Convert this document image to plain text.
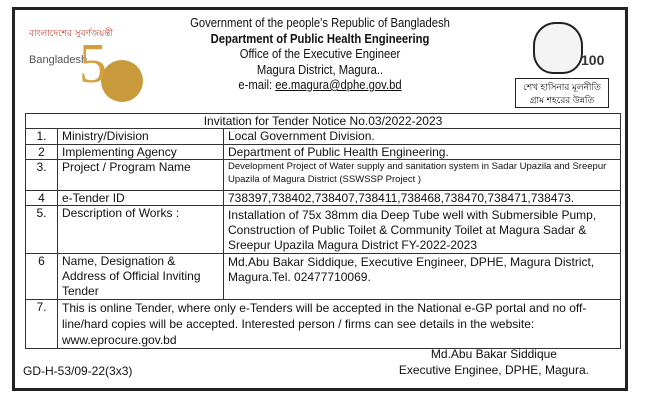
বাংলাদেশের সুবর্ণজয়ন্তী
Bangladesh
5
Government of the people's Republic of Bangladesh
Department of Public Health Engineering
Office of the Executive Engineer
Magura District, Magura..
e-mail: ee.magura@dphe.gov.bd
100
শেখ হাসিনার মূলনীতি
গ্রাম শহরের উন্নতি
Invitation for Tender Notice No.03/2022-2023		
1.	Ministry/Division	Local Government Division.
2	Implementing Agency	Department of Public Health Engineering.
3.	Project / Program Name	Development Project of Water supply and sanitation system in Sadar Upazila and Sreepur Upazila of Magura District (SSWSSP Project )
4	e-Tender ID	738397,738402,738407,738411,738468,738470,738471,738473.
5.	Description of Works :	Installation of 75x 38mm dia Deep Tube well with Submersible Pump, Construction of Public Toilet & Community Toilet at Magura Sadar & Sreepur Upazila Magura District FY-2022-2023
6	Name, Designation & Address of Official Inviting Tender	Md.Abu Bakar Siddique, Executive Engineer, DPHE, Magura District, Magura.Tel. 02477710069.
7.	This is online Tender, where only e-Tenders will be accepted in the National e-GP portal and no off-line/hard copies will be accepted. Interested person / firms can see details in the website: www.eprocure.gov.bd	
GD-H-53/09-22(3x3)
Md.Abu Bakar Siddique
Executive Enginee, DPHE, Magura.
